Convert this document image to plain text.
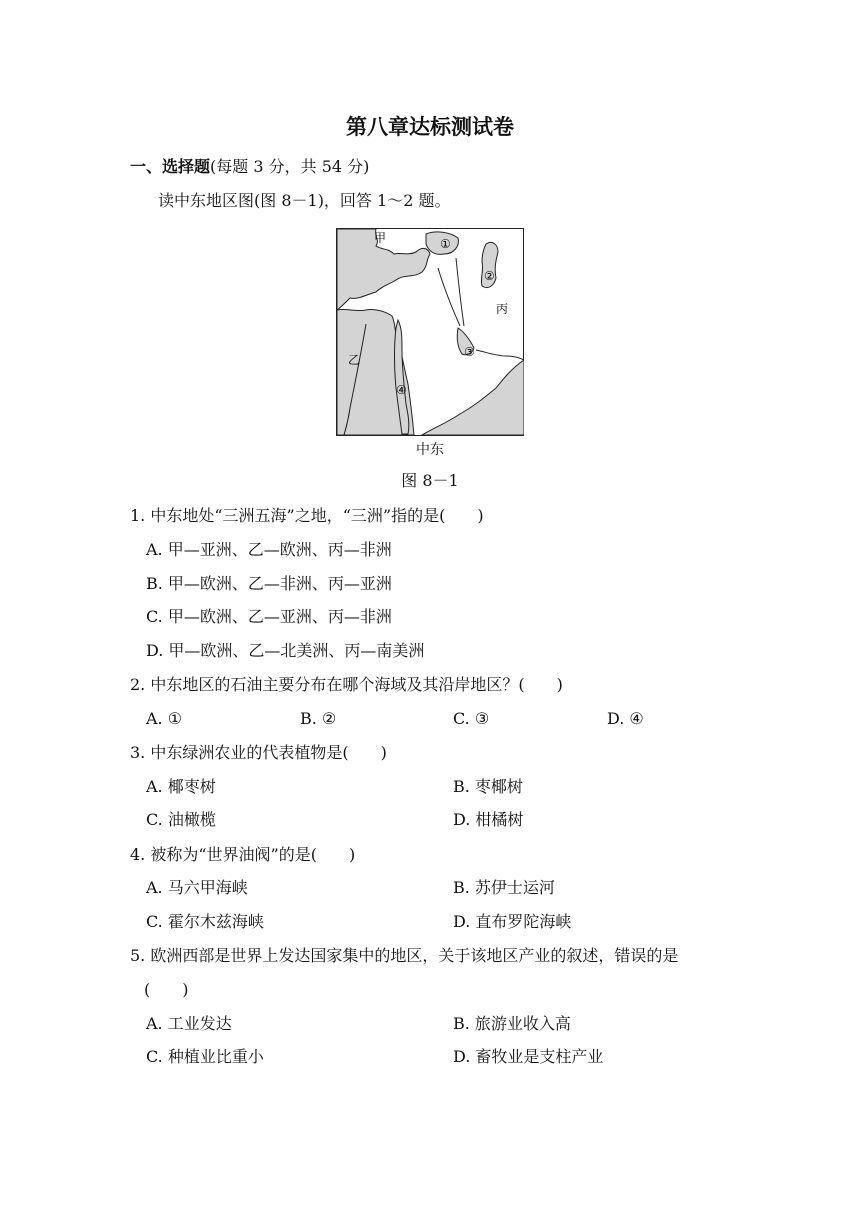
第八章达标测试卷
一、选择题(每题 3 分，共 54 分)
读中东地区图(图 8－1)，回答 1～2 题。
甲	①
②
丙
乙
③
④
中东
图 8－1
1. 中东地处“三洲五海”之地，“三洲”指的是(　　)
A. 甲—亚洲、乙—欧洲、丙—非洲
B. 甲—欧洲、乙—非洲、丙—亚洲
C. 甲—欧洲、乙—亚洲、丙—非洲
D. 甲—欧洲、乙—北美洲、丙—南美洲
2. 中东地区的石油主要分布在哪个海域及其沿岸地区？(　　)
A. ①	B. ②	C. ③	D. ④
3. 中东绿洲农业的代表植物是(　　)
A. 椰枣树	B. 枣椰树
C. 油橄榄	D. 柑橘树
4. 被称为“世界油阀”的是(　　)
A. 马六甲海峡	B. 苏伊士运河
C. 霍尔木兹海峡	D. 直布罗陀海峡
5. 欧洲西部是世界上发达国家集中的地区，关于该地区产业的叙述，错误的是
(　　)
A. 工业发达	B. 旅游业收入高
C. 种植业比重小	D. 畜牧业是支柱产业
